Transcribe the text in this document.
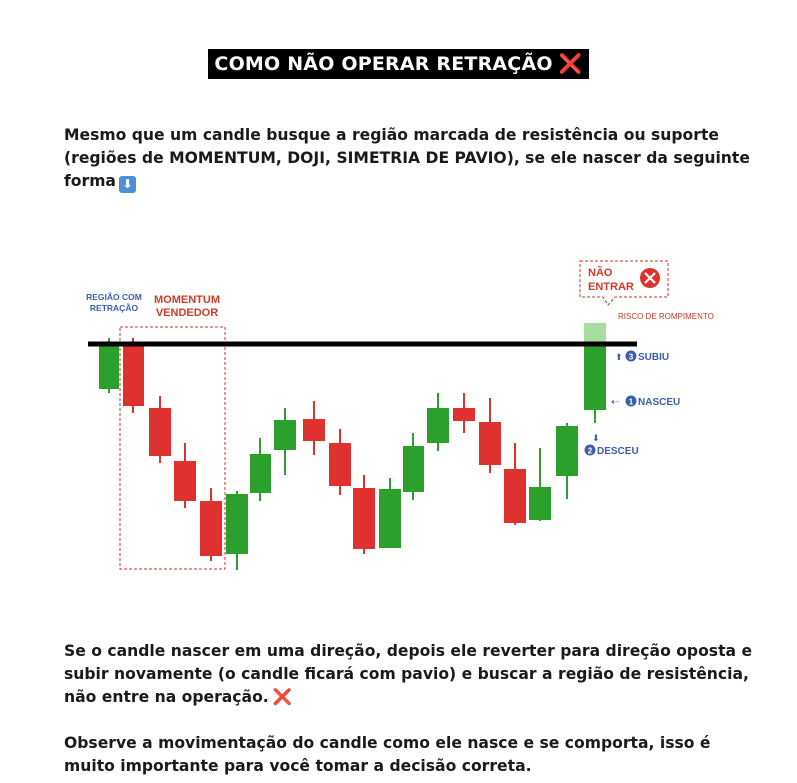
COMO NÃO OPERAR RETRAÇÃO ❌
Mesmo que um candle busque a região marcada de resistência ou suporte (regiões de MOMENTUM, DOJI, SIMETRIA DE PAVIO), se ele nascer da seguinte forma ⬇
REGIÃO COM
RETRAÇÃO
MOMENTUM
VENDEDOR
NÃO
ENTRAR
RISCO DE ROMPIMENTO
⬆ 3 SUBIU
⇠ 1 NASCEU
⬇
2 DESCEU
Se o candle nascer em uma direção, depois ele reverter para direção oposta e subir novamente (o candle ficará com pavio) e buscar a região de resistência, não entre na operação. ❌
Observe a movimentação do candle como ele nasce e se comporta, isso é muito importante para você tomar a decisão correta.
